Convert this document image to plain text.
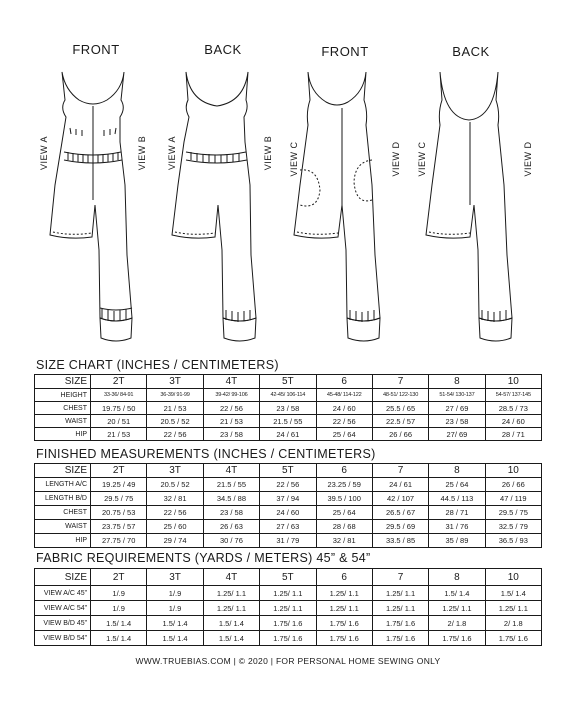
FRONT	BACK	FRONT	BACK
VIEW A	VIEW B VIEW A	VIEW B VIEW C	VIEW D VIEW C	VIEW D
SIZE CHART (INCHES / CENTIMETERS)
SIZE	2T	3T	4T	5T	6	7	8	10
HEIGHT	33-36/ 84-91	36-39/ 91-99	39-42/ 99-106	42-45/ 106-114	45-48/ 114-122	48-51/ 122-130	51-54/ 130-137	54-57/ 137-145
CHEST	19.75 / 50	21 / 53	22 / 56	23 / 58	24 / 60	25.5 / 65	27 / 69	28.5 / 73
WAIST	20 / 51	20.5 / 52	21 / 53	21.5 / 55	22 / 56	22.5 / 57	23 / 58	24 / 60
HIP	21 / 53	22 / 56	23 / 58	24 / 61	25 / 64	26 / 66	27/ 69	28 / 71
FINISHED MEASUREMENTS (INCHES / CENTIMETERS)
SIZE	2T	3T	4T	5T	6	7	8	10
LENGTH A/C	19.25 / 49	20.5 / 52	21.5 / 55	22 / 56	23.25 / 59	24 / 61	25 / 64	26 / 66
LENGTH B/D	29.5 / 75	32 / 81	34.5 / 88	37 / 94	39.5 / 100	42 / 107	44.5 / 113	47 / 119
CHEST	20.75 / 53	22 / 56	23 / 58	24 / 60	25 / 64	26.5 / 67	28 / 71	29.5 / 75
WAIST	23.75 / 57	25 / 60	26 / 63	27 / 63	28 / 68	29.5 / 69	31 / 76	32.5 / 79
HIP	27.75 / 70	29 / 74	30 / 76	31 / 79	32 / 81	33.5 / 85	35 / 89	36.5 / 93
FABRIC REQUIREMENTS (YARDS / METERS) 45” & 54”
SIZE	2T	3T	4T	5T	6	7	8	10
VIEW A/C 45”	1/.9	1/.9	1.25/ 1.1	1.25/ 1.1	1.25/ 1.1	1.25/ 1.1	1.5/ 1.4	1.5/ 1.4
VIEW A/C 54”	1/.9	1/.9	1.25/ 1.1	1.25/ 1.1	1.25/ 1.1	1.25/ 1.1	1.25/ 1.1	1.25/ 1.1
VIEW B/D 45”	1.5/ 1.4	1.5/ 1.4	1.5/ 1.4	1.75/ 1.6	1.75/ 1.6	1.75/ 1.6	2/ 1.8	2/ 1.8
VIEW B/D 54”	1.5/ 1.4	1.5/ 1.4	1.5/ 1.4	1.75/ 1.6	1.75/ 1.6	1.75/ 1.6	1.75/ 1.6	1.75/ 1.6
WWW.TRUEBIAS.COM | © 2020 | FOR PERSONAL HOME SEWING ONLY
